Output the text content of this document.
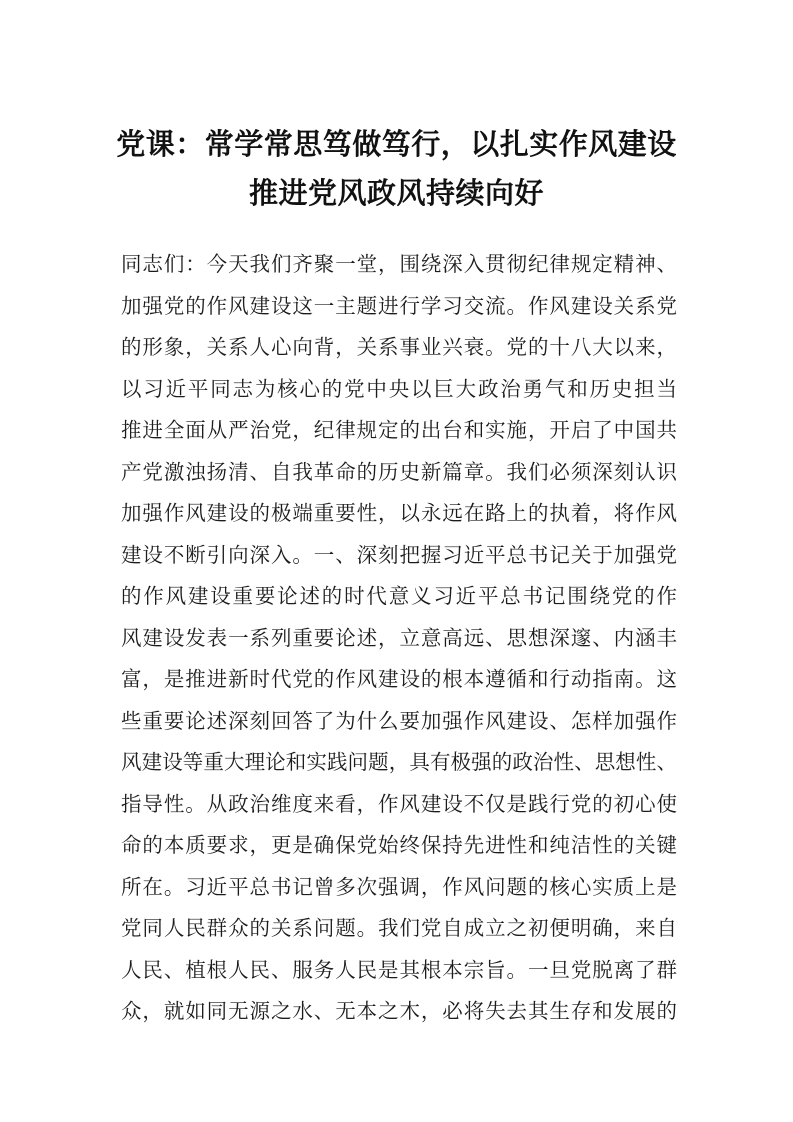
党课：常学常思笃做笃行，以扎实作风建设
推进党风政风持续向好
同志们：今天我们齐聚一堂，围绕深入贯彻纪律规定精神、
加强党的作风建设这一主题进行学习交流。作风建设关系党
的形象，关系人心向背，关系事业兴衰。党的十八大以来，
以习近平同志为核心的党中央以巨大政治勇气和历史担当
推进全面从严治党，纪律规定的出台和实施，开启了中国共
产党激浊扬清、自我革命的历史新篇章。我们必须深刻认识
加强作风建设的极端重要性，以永远在路上的执着，将作风
建设不断引向深入。一、深刻把握习近平总书记关于加强党
的作风建设重要论述的时代意义习近平总书记围绕党的作
风建设发表一系列重要论述，立意高远、思想深邃、内涵丰
富，是推进新时代党的作风建设的根本遵循和行动指南。这
些重要论述深刻回答了为什么要加强作风建设、怎样加强作
风建设等重大理论和实践问题，具有极强的政治性、思想性、
指导性。从政治维度来看，作风建设不仅是践行党的初心使
命的本质要求，更是确保党始终保持先进性和纯洁性的关键
所在。习近平总书记曾多次强调，作风问题的核心实质上是
党同人民群众的关系问题。我们党自成立之初便明确，来自
人民、植根人民、服务人民是其根本宗旨。一旦党脱离了群
众，就如同无源之水、无本之木，必将失去其生存和发展的
